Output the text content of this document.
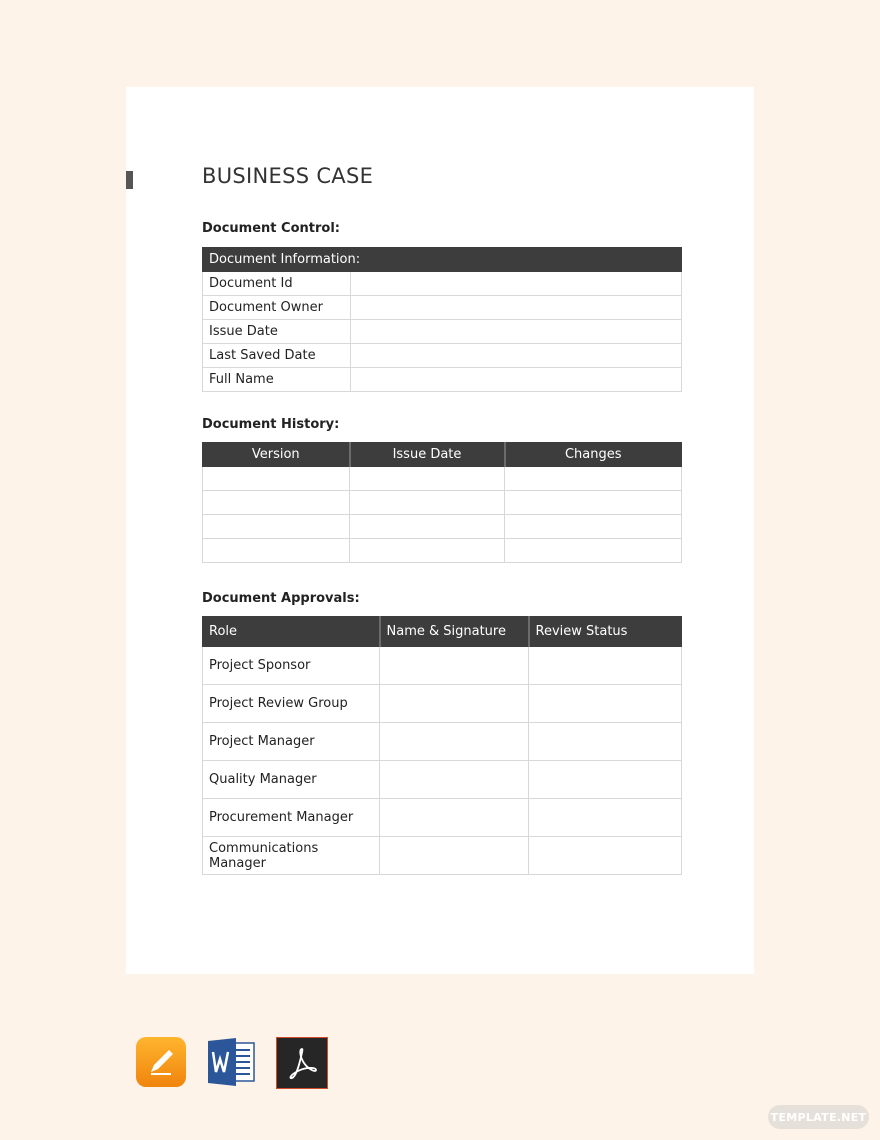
BUSINESS CASE
Document Control:
Document Information:	
Document Id	
Document Owner	
Issue Date	
Last Saved Date	
Full Name	
Document History:
Version	Issue Date	Changes

Document Approvals:
Role	Name & Signature	Review Status
Project Sponsor		
Project Review Group		
Project Manager		
Quality Manager		
Procurement Manager		
Communications Manager		
TEMPLATE.NET
